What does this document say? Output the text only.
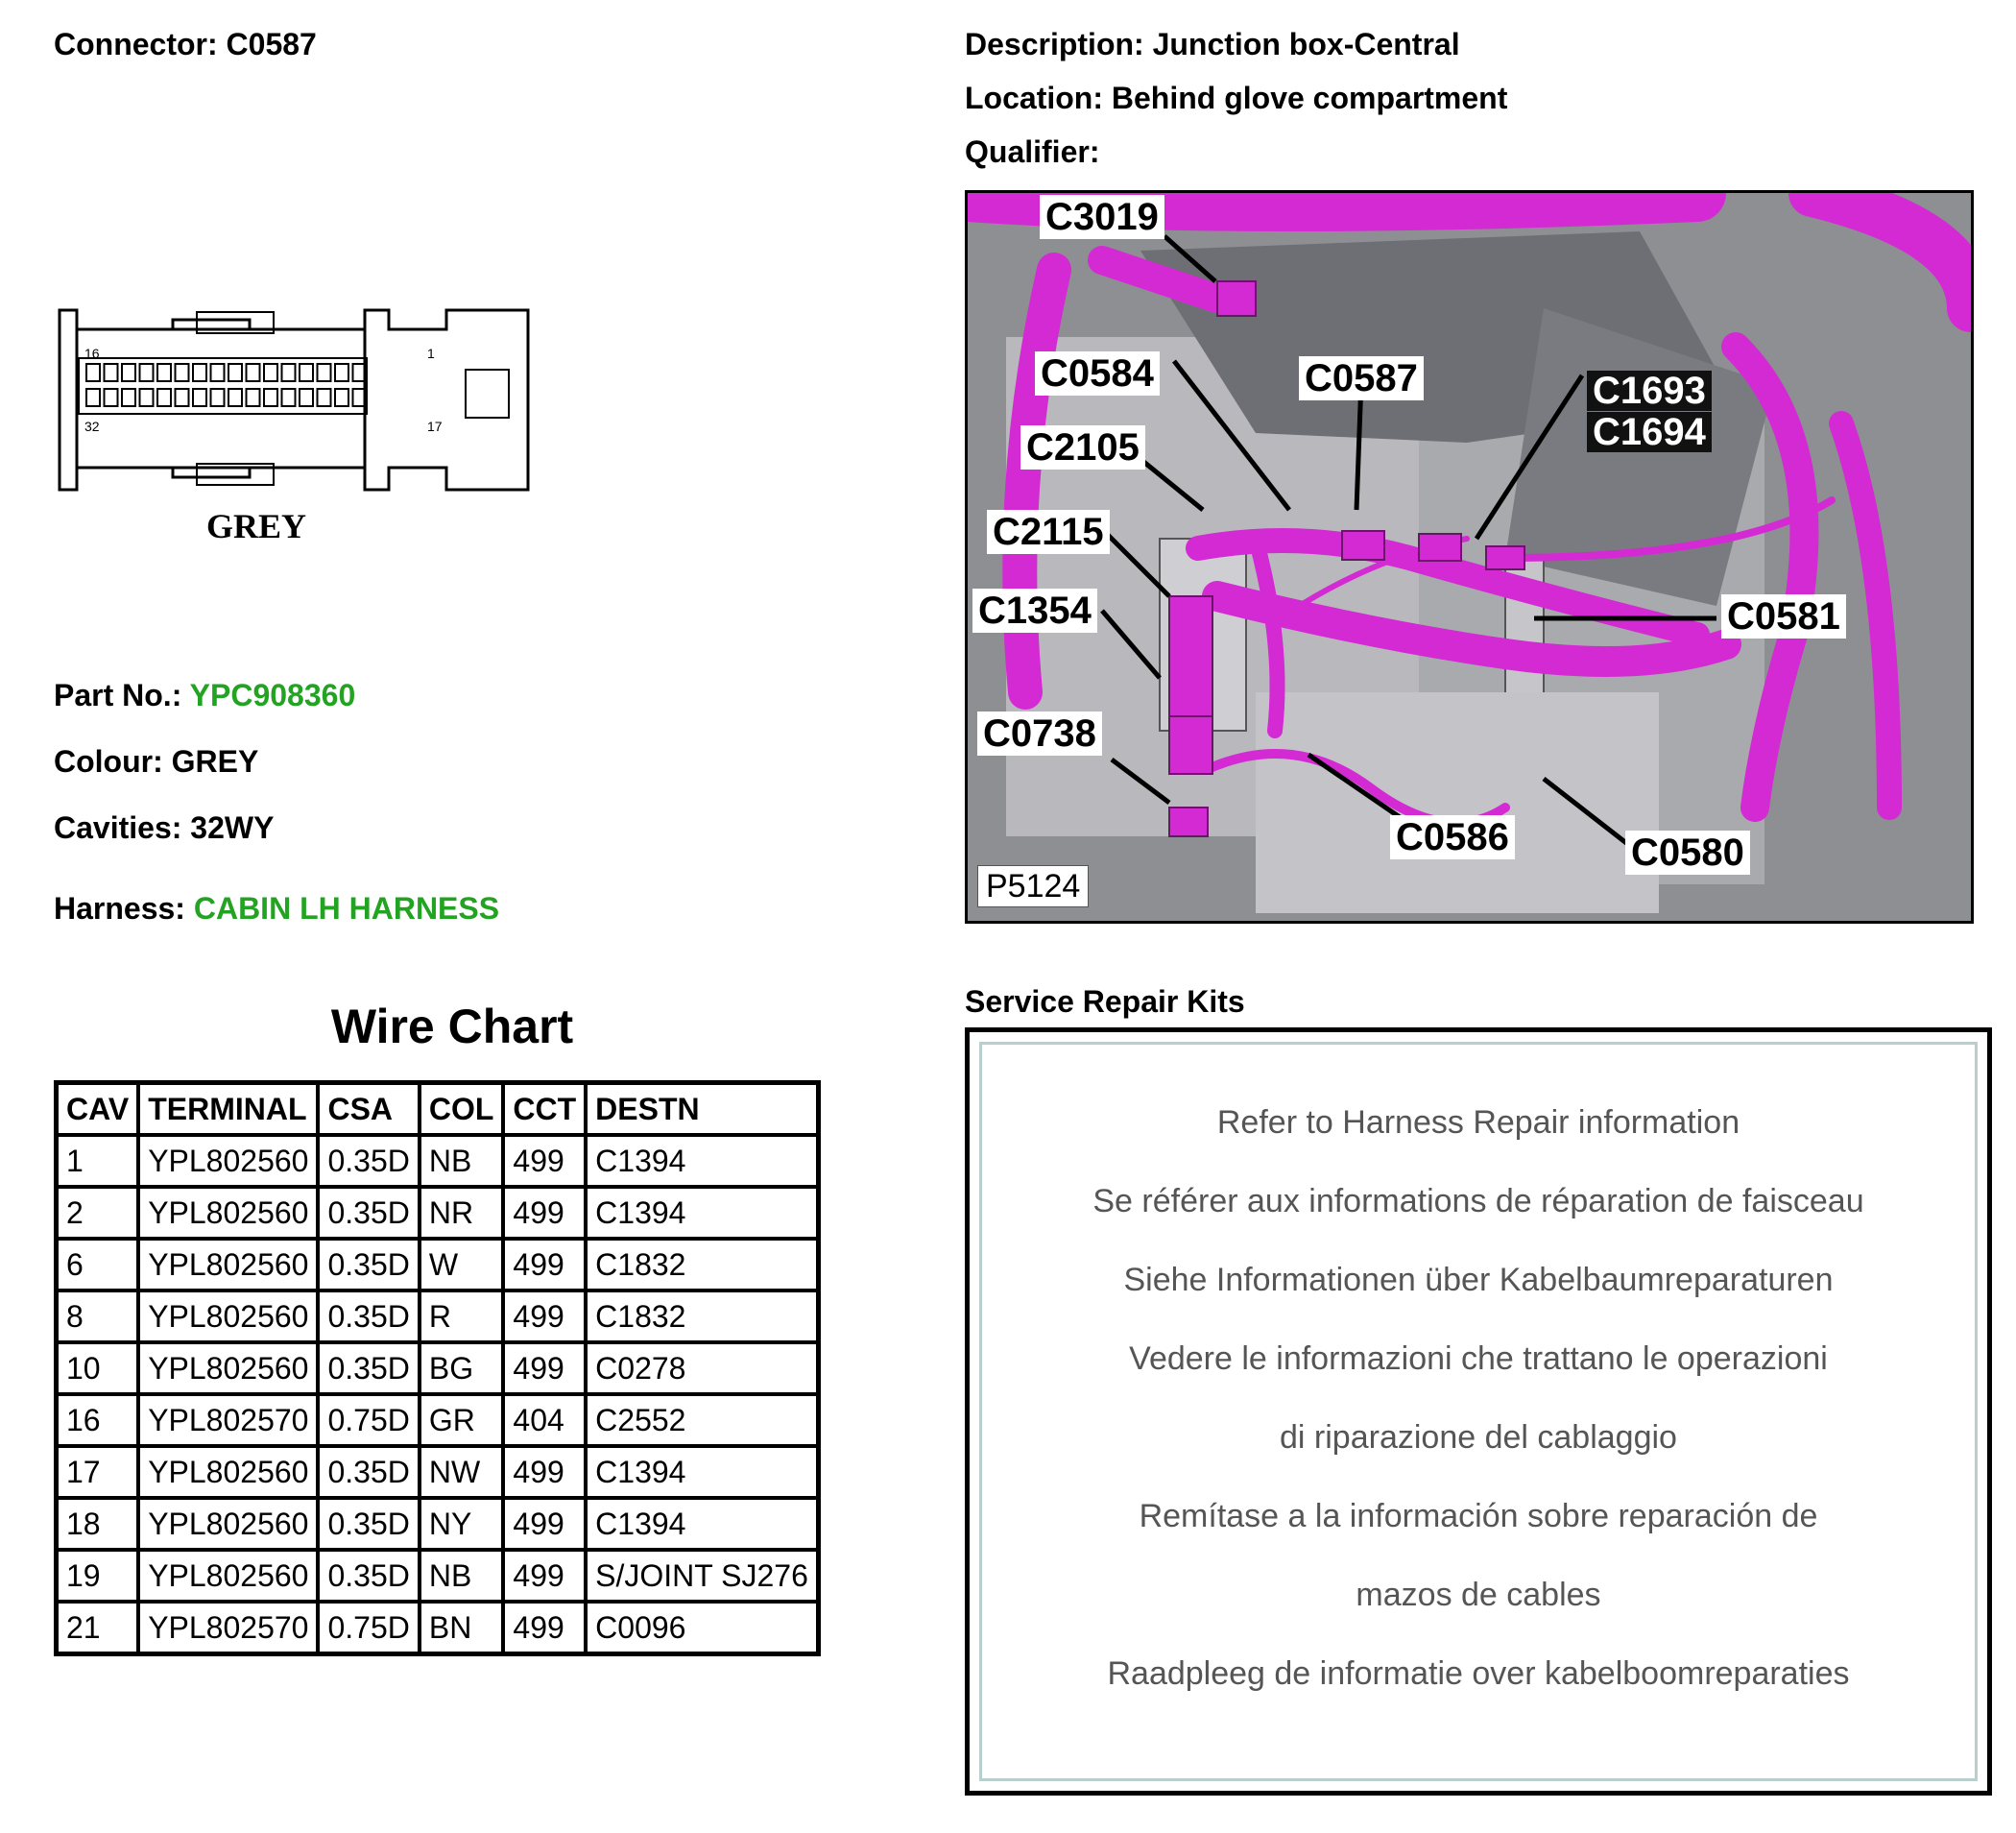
Connector: C0587	Description: Junction box-Central
Location: Behind glove compartment
Qualifier:
16	1
32	17
GREY
Part No.: YPC908360
Colour: GREY
Cavities: 32WY
Harness: CABIN LH HARNESS
Wire Chart
CAV	TERMINAL	CSA	COL	CCT	DESTN
1	YPL802560	0.35D	NB	499	C1394
2	YPL802560	0.35D	NR	499	C1394
6	YPL802560	0.35D	W	499	C1832
8	YPL802560	0.35D	R	499	C1832
10	YPL802560	0.35D	BG	499	C0278
16	YPL802570	0.75D	GR	404	C2552
17	YPL802560	0.35D	NW	499	C1394
18	YPL802560	0.35D	NY	499	C1394
19	YPL802560	0.35D	NB	499	S/JOINT SJ276
21	YPL802570	0.75D	BN	499	C0096
C3019
C0584	C0587	C1693
C1694
C2105
C2115
C1354	C0581
C0738
C0586	C0580
P5124
Service Repair Kits
Refer to Harness Repair information
Se référer aux informations de réparation de faisceau
Siehe Informationen über Kabelbaumreparaturen
Vedere le informazioni che trattano le operazioni
di riparazione del cablaggio
Remítase a la información sobre reparación de
mazos de cables
Raadpleeg de informatie over kabelboomreparaties
